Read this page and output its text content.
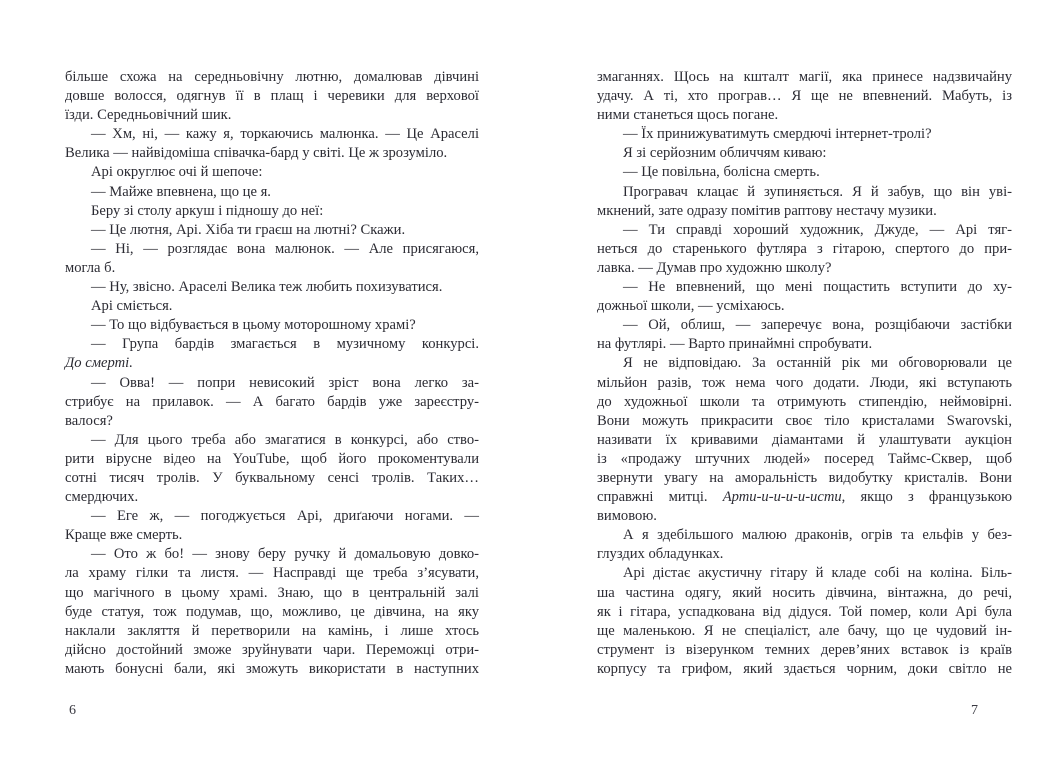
більше схожа на середньовічну лютню, домалював дівчині
довше волосся, одягнув її в плащ і черевики для верхової
їзди. Середньовічний шик.
— Хм, ні, — кажу я, торкаючись малюнка. — Це Араселі
Велика — найвідоміша співачка-бард у світі. Це ж зрозуміло.
Арі округлює очі й шепоче:
— Майже впевнена, що це я.
Беру зі столу аркуш і підношу до неї:
— Це лютня, Арі. Хіба ти граєш на лютні? Скажи.
— Ні, — розглядає вона малюнок. — Але присягаюся,
могла б.
— Ну, звісно. Араселі Велика теж любить похизуватися.
Арі сміється.
— То що відбувається в цьому моторошному храмі?
— Група бардів змагається в музичному конкурсі.
До смерті.
— Овва! — попри невисокий зріст вона легко за-
стрибує на прилавок. — А багато бардів уже зареєстру-
валося?
— Для цього треба або змагатися в конкурсі, або ство-
рити вірусне відео на YouTube, щоб його прокоментували
сотні тисяч тролів. У буквальному сенсі тролів. Таких…
смердючих.
— Еге ж, — погоджується Арі, дриґаючи ногами. —
Краще вже смерть.
— Ото ж бо! — знову беру ручку й домальовую довко-
ла храму гілки та листя. — Насправді ще треба з’ясувати,
що магічного в цьому храмі. Знаю, що в центральній залі
буде статуя, тож подумав, що, можливо, це дівчина, на яку
наклали закляття й перетворили на камінь, і лише хтось
дійсно достойний зможе зруйнувати чари. Переможці отри-
мають бонусні бали, які зможуть використати в наступних
6
змаганнях. Щось на кшталт магії, яка принесе надзвичайну
удачу. А ті, хто програв… Я ще не впевнений. Мабуть, із
ними станеться щось погане.
— Їх принижуватимуть смердючі інтернет-тролі?
Я зі серйозним обличчям киваю:
— Це повільна, болісна смерть.
Програвач клацає й зупиняється. Я й забув, що він уві-
мкнений, зате одразу помітив раптову нестачу музики.
— Ти справді хороший художник, Джуде, — Арі тяг-
неться до старенького футляра з гітарою, спертого до при-
лавка. — Думав про художню школу?
— Не впевнений, що мені пощастить вступити до ху-
дожньої школи, — усміхаюсь.
— Ой, облиш, — заперечує вона, розщібаючи застібки
на футлярі. — Варто принаймні спробувати.
Я не відповідаю. За останній рік ми обговорювали це
мільйон разів, тож нема чого додати. Люди, які вступають
до художньої школи та отримують стипендію, неймовірні.
Вони можуть прикрасити своє тіло кристалами Swarovski,
називати їх кривавими діамантами й улаштувати аукціон
із «продажу штучних людей» посеред Таймс-Сквер, щоб
звернути увагу на аморальність видобутку кристалів. Вони
справжні митці. Арти-и-и-и-и-исти, якщо з французькою
вимовою.
А я здебільшого малюю драконів, огрів та ельфів у без-
глуздих обладунках.
Арі дістає акустичну гітару й кладе собі на коліна. Біль-
ша частина одягу, який носить дівчина, вінтажна, до речі,
як і гітара, успадкована від дідуся. Той помер, коли Арі була
ще маленькою. Я не спеціаліст, але бачу, що це чудовий ін-
струмент із візерунком темних дерев’яних вставок із країв
корпусу та грифом, який здається чорним, доки світло не
7
